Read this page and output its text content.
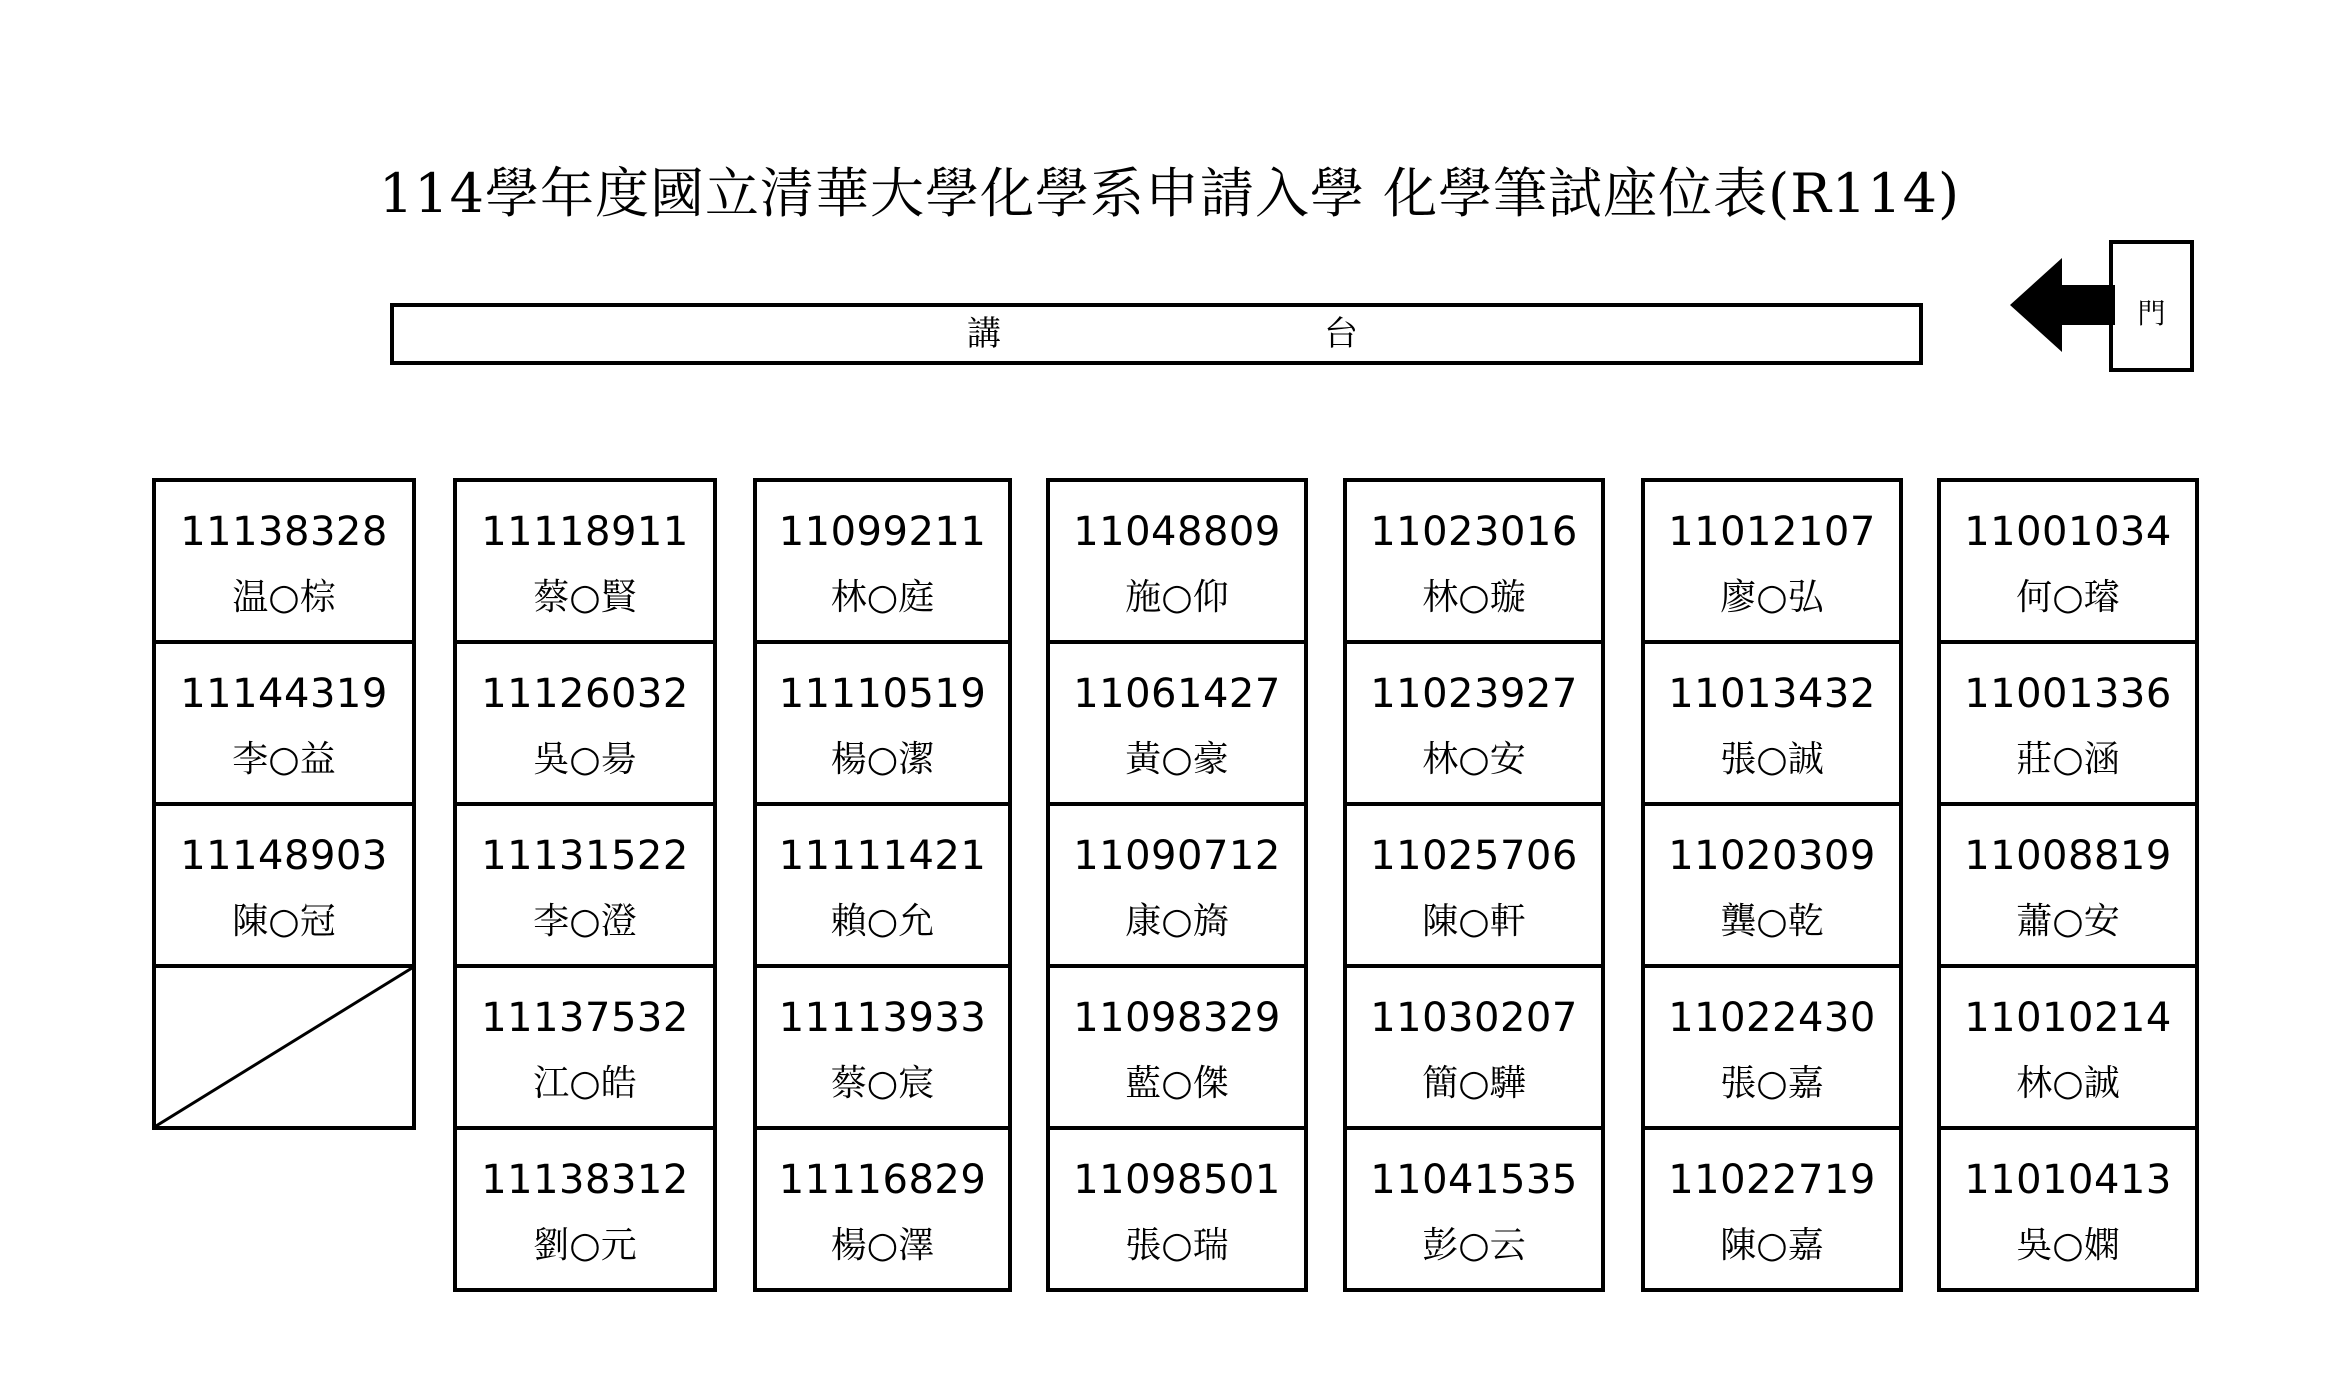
114學年度國立清華大學化學系申請入學 化學筆試座位表(R114)
講	台
門
11138328
温○棕
11144319
李○益
11148903
陳○冠
11118911
蔡○賢
11126032
吳○昜
11131522
李○澄
11137532
江○皓
11138312
劉○元
11099211
林○庭
11110519
楊○潔
11111421
賴○允
11113933
蔡○宸
11116829
楊○澤
11048809
施○仰
11061427
黃○豪
11090712
康○旖
11098329
藍○傑
11098501
張○瑞
11023016
林○璇
11023927
林○安
11025706
陳○軒
11030207
簡○驊
11041535
彭○云
11012107
廖○弘
11013432
張○誠
11020309
龔○乾
11022430
張○嘉
11022719
陳○嘉
11001034
何○璿
11001336
莊○涵
11008819
蕭○安
11010214
林○誠
11010413
吳○嫻
